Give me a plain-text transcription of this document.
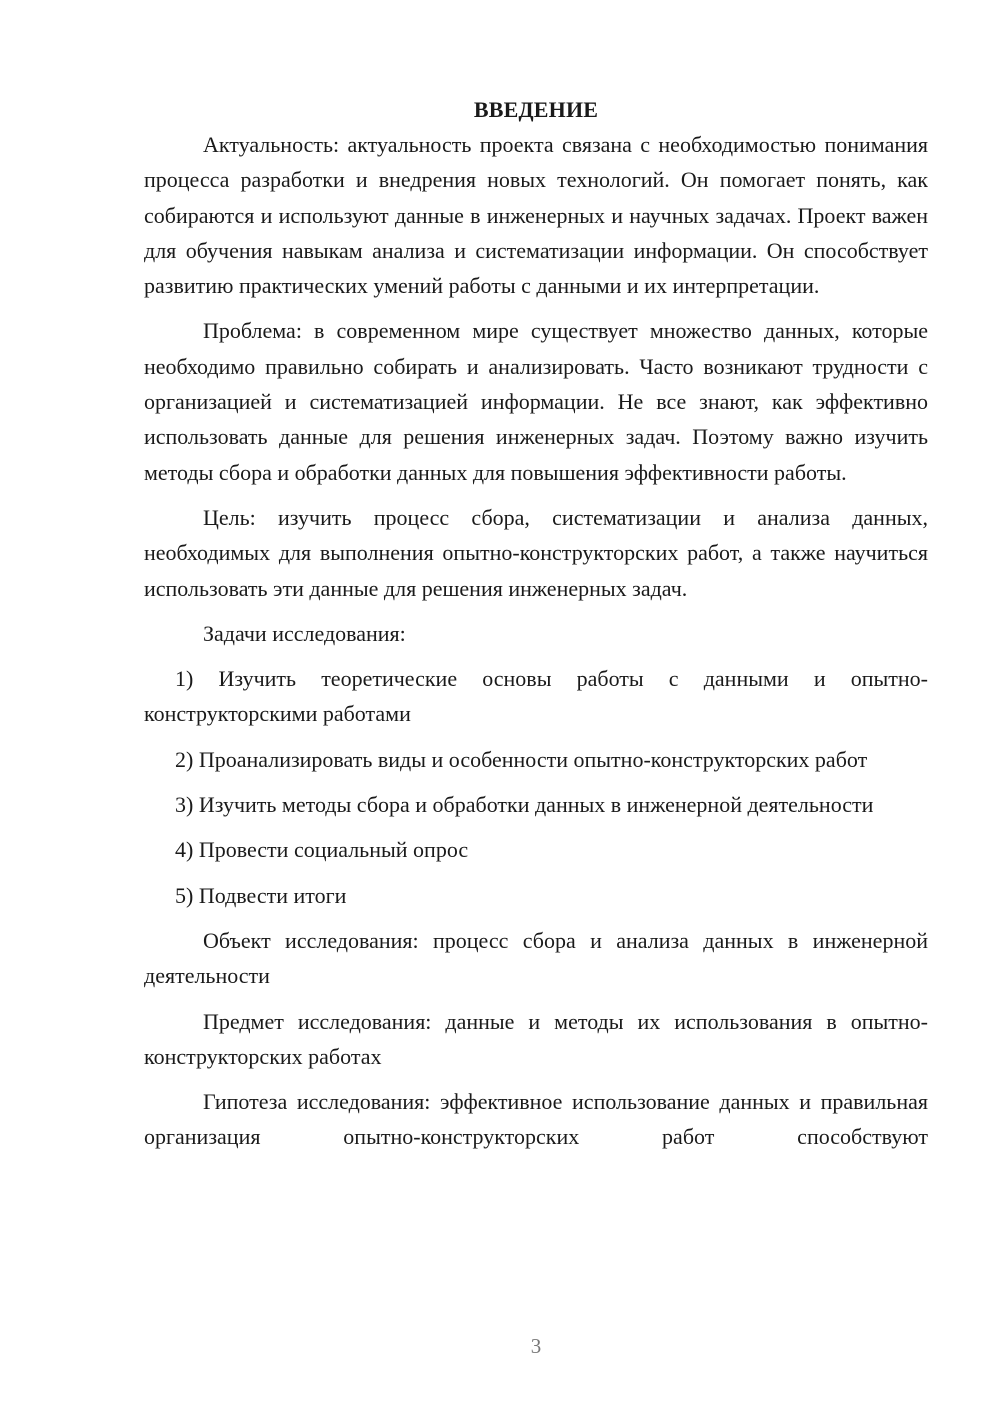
ВВЕДЕНИЕ

Актуальность: актуальность проекта связана с необходимостью понимания процесса разработки и внедрения новых технологий. Он помогает понять, как собираются и используют данные в инженерных и научных задачах. Проект важен для обучения навыкам анализа и систематизации информации. Он способствует развитию практических умений работы с данными и их интерпретации.

Проблема: в современном мире существует множество данных, которые необходимо правильно собирать и анализировать. Часто возникают трудности с организацией и систематизацией информации. Не все знают, как эффективно использовать данные для решения инженерных задач. Поэтому важно изучить методы сбора и обработки данных для повышения эффективности работы.

Цель: изучить процесс сбора, систематизации и анализа данных, необходимых для выполнения опытно-конструкторских работ, а также научиться использовать эти данные для решения инженерных задач.

Задачи исследования:

1) Изучить теоретические основы работы с данными и опытно-конструкторскими работами

2) Проанализировать виды и особенности опытно-конструкторских работ

3) Изучить методы сбора и обработки данных в инженерной деятельности

4) Провести социальный опрос

5) Подвести итоги

Объект исследования: процесс сбора и анализа данных в инженерной деятельности

Предмет исследования: данные и методы их использования в опытно-конструкторских работах

Гипотеза исследования: эффективное использование данных и правильная организация опытно-конструкторских работ способствуют

3
